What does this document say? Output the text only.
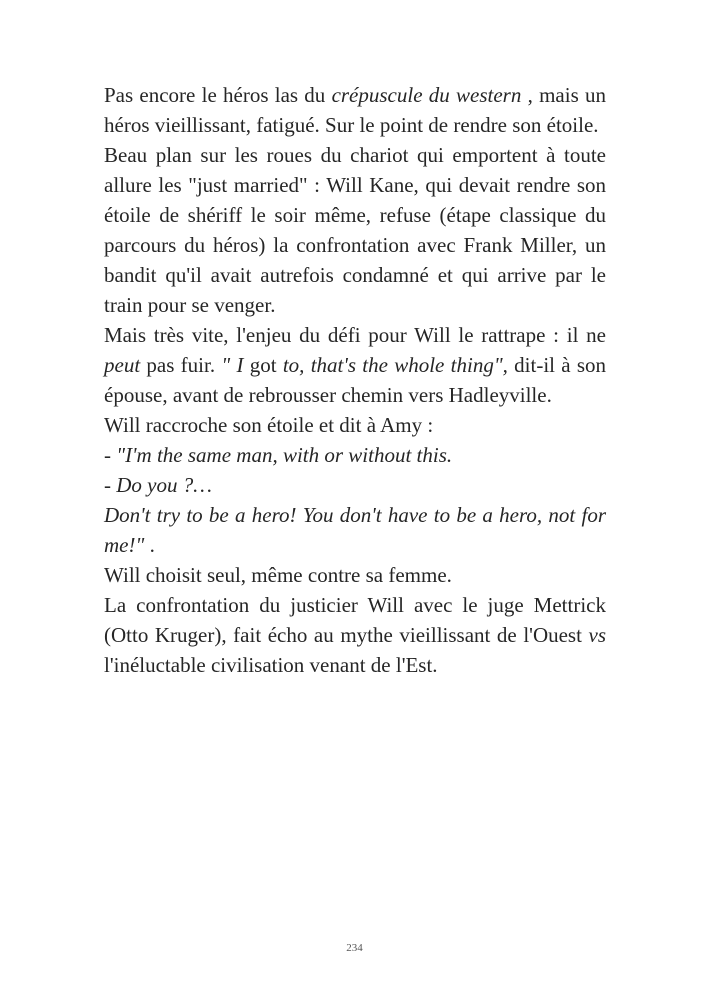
Pas encore le héros las du crépuscule du western , mais un héros vieillissant, fatigué. Sur le point de rendre son étoile.

Beau plan sur les roues du chariot qui emportent à toute allure les "just married" : Will Kane, qui devait rendre son étoile de shériff le soir même, refuse (étape classique du parcours du héros) la confrontation avec Frank Miller, un bandit qu'il avait autrefois condamné et qui arrive par le train pour se venger.

Mais très vite, l'enjeu du défi pour Will le rattrape : il ne peut pas fuir. " I got to, that's the whole thing", dit-il à son épouse, avant de rebrousser chemin vers Hadleyville.

Will raccroche son étoile et dit à Amy :

- "I'm the same man, with or without this.

- Do you ?…

Don't try to be a hero! You don't have to be a hero, not for me!" .

Will choisit seul, même contre sa femme.

La confrontation du justicier Will avec le juge Mettrick (Otto Kruger), fait écho au mythe vieillissant de l'Ouest vs l'inéluctable civilisation venant de l'Est.

234
